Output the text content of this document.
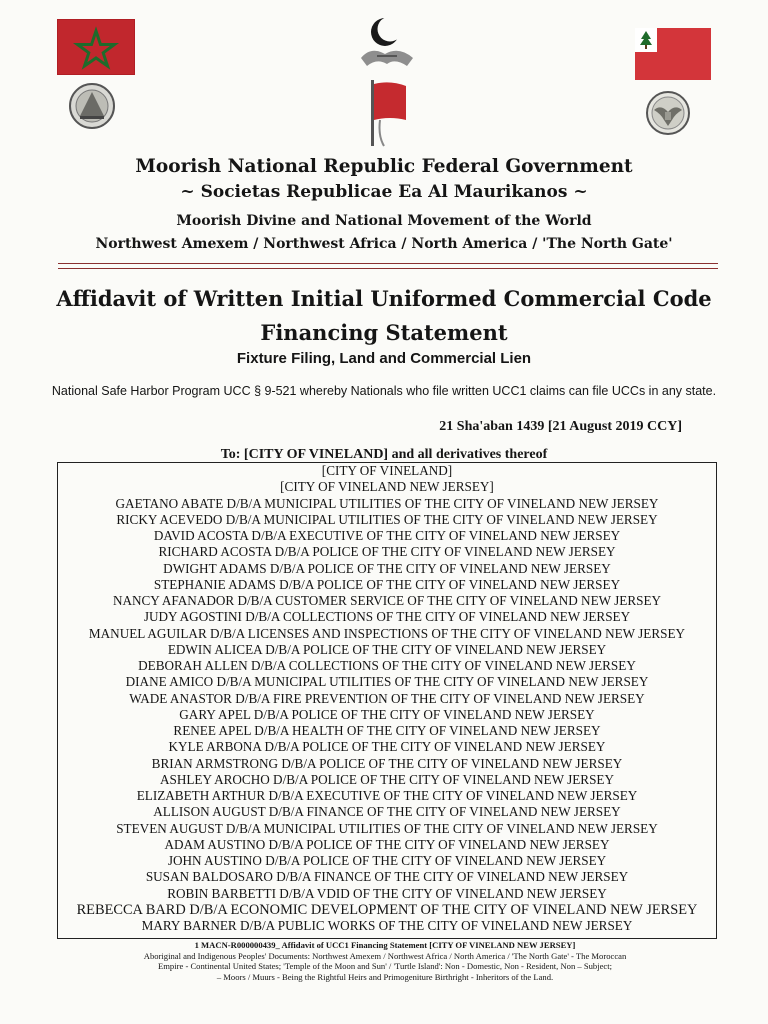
Moorish National Republic Federal Government
~ Societas Republicae Ea Al Maurikanos ~
Moorish Divine and National Movement of the World
Northwest Amexem / Northwest Africa / North America / 'The North Gate'
Affidavit of Written Initial Uniformed Commercial Code
Financing Statement
Fixture Filing, Land and Commercial Lien
National Safe Harbor Program UCC § 9-521 whereby Nationals who file written UCC1 claims can file UCCs in any state.
21 Sha'aban 1439 [21 August 2019 CCY]
To: [CITY OF VINELAND] and all derivatives thereof
[CITY OF VINELAND]
[CITY OF VINELAND NEW JERSEY]
GAETANO ABATE D/B/A MUNICIPAL UTILITIES OF THE CITY OF VINELAND NEW JERSEY
RICKY ACEVEDO D/B/A MUNICIPAL UTILITIES OF THE CITY OF VINELAND NEW JERSEY
DAVID ACOSTA D/B/A EXECUTIVE OF THE CITY OF VINELAND NEW JERSEY
RICHARD ACOSTA D/B/A POLICE OF THE CITY OF VINELAND NEW JERSEY
DWIGHT ADAMS D/B/A POLICE OF THE CITY OF VINELAND NEW JERSEY
STEPHANIE ADAMS D/B/A POLICE OF THE CITY OF VINELAND NEW JERSEY
NANCY AFANADOR D/B/A CUSTOMER SERVICE OF THE CITY OF VINELAND NEW JERSEY
JUDY AGOSTINI D/B/A COLLECTIONS OF THE CITY OF VINELAND NEW JERSEY
MANUEL AGUILAR D/B/A LICENSES AND INSPECTIONS OF THE CITY OF VINELAND NEW JERSEY
EDWIN ALICEA D/B/A POLICE OF THE CITY OF VINELAND NEW JERSEY
DEBORAH ALLEN D/B/A COLLECTIONS OF THE CITY OF VINELAND NEW JERSEY
DIANE AMICO D/B/A MUNICIPAL UTILITIES OF THE CITY OF VINELAND NEW JERSEY
WADE ANASTOR D/B/A FIRE PREVENTION OF THE CITY OF VINELAND NEW JERSEY
GARY APEL D/B/A POLICE OF THE CITY OF VINELAND NEW JERSEY
RENEE APEL D/B/A HEALTH OF THE CITY OF VINELAND NEW JERSEY
KYLE ARBONA D/B/A POLICE OF THE CITY OF VINELAND NEW JERSEY
BRIAN ARMSTRONG D/B/A POLICE OF THE CITY OF VINELAND NEW JERSEY
ASHLEY AROCHO D/B/A POLICE OF THE CITY OF VINELAND NEW JERSEY
ELIZABETH ARTHUR D/B/A EXECUTIVE OF THE CITY OF VINELAND NEW JERSEY
ALLISON AUGUST D/B/A FINANCE OF THE CITY OF VINELAND NEW JERSEY
STEVEN AUGUST D/B/A MUNICIPAL UTILITIES OF THE CITY OF VINELAND NEW JERSEY
ADAM AUSTINO D/B/A POLICE OF THE CITY OF VINELAND NEW JERSEY
JOHN AUSTINO D/B/A POLICE OF THE CITY OF VINELAND NEW JERSEY
SUSAN BALDOSARO D/B/A FINANCE OF THE CITY OF VINELAND NEW JERSEY
ROBIN BARBETTI D/B/A VDID OF THE CITY OF VINELAND NEW JERSEY
REBECCA BARD D/B/A ECONOMIC DEVELOPMENT OF THE CITY OF VINELAND NEW JERSEY
MARY BARNER D/B/A PUBLIC WORKS OF THE CITY OF VINELAND NEW JERSEY
1 MACN-R000000439_ Affidavit of UCC1 Financing Statement [CITY OF VINELAND NEW JERSEY]
Aboriginal and Indigenous Peoples' Documents: Northwest Amexem / Northwest Africa / North America / 'The North Gate' - The Moroccan
Empire - Continental United States; 'Temple of the Moon and Sun' / 'Turtle Island': Non - Domestic, Non - Resident, Non – Subject;
– Moors / Muurs - Being the Rightful Heirs and Primogeniture Birthright - Inheritors of the Land.
